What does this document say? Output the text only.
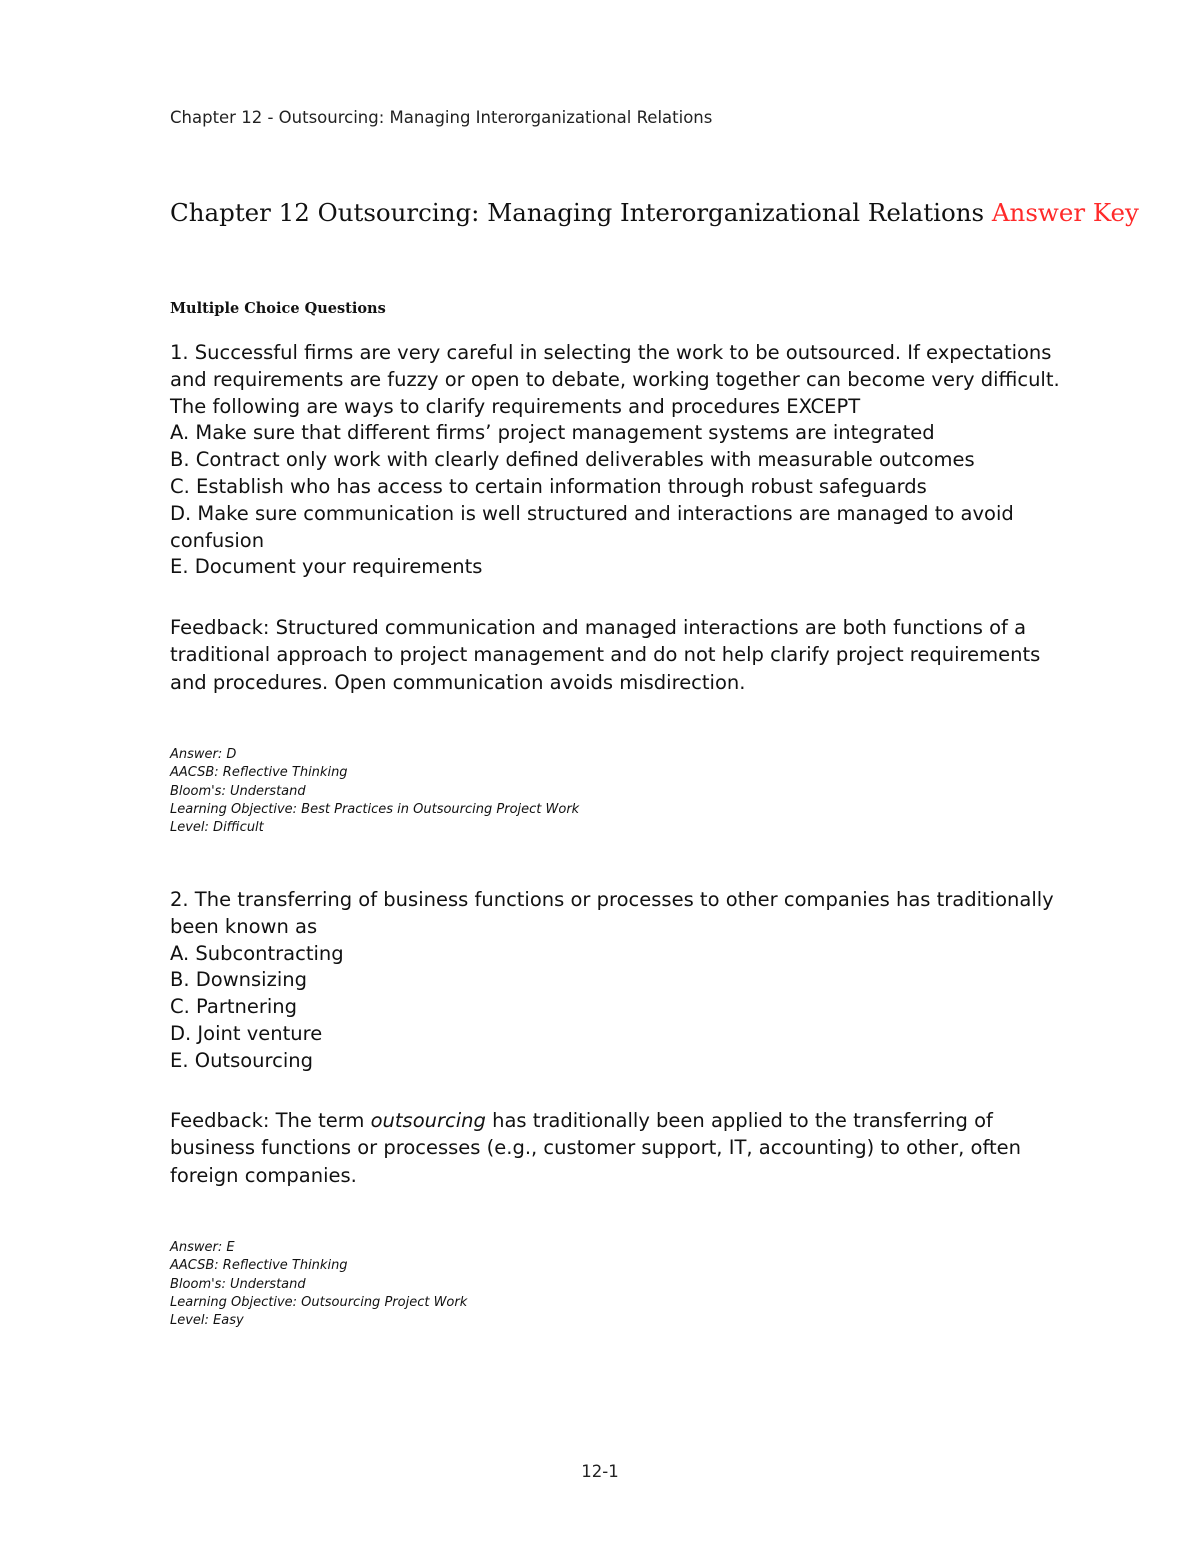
Chapter 12 - Outsourcing: Managing Interorganizational Relations
Chapter 12 Outsourcing: Managing Interorganizational Relations Answer Key
Multiple Choice Questions
1. Successful firms are very careful in selecting the work to be outsourced. If expectations
and requirements are fuzzy or open to debate, working together can become very difficult.
The following are ways to clarify requirements and procedures EXCEPT
A. Make sure that different firms’ project management systems are integrated
B. Contract only work with clearly defined deliverables with measurable outcomes
C. Establish who has access to certain information through robust safeguards
D. Make sure communication is well structured and interactions are managed to avoid
confusion
E. Document your requirements
Feedback: Structured communication and managed interactions are both functions of a traditional approach to project management and do not help clarify project requirements and procedures. Open communication avoids misdirection.
Answer: D
AACSB: Reflective Thinking
Bloom's: Understand
Learning Objective: Best Practices in Outsourcing Project Work
Level: Difficult
2. The transferring of business functions or processes to other companies has traditionally
been known as
A. Subcontracting
B. Downsizing
C. Partnering
D. Joint venture
E. Outsourcing
Feedback: The term outsourcing has traditionally been applied to the transferring of business functions or processes (e.g., customer support, IT, accounting) to other, often foreign companies.
Answer: E
AACSB: Reflective Thinking
Bloom's: Understand
Learning Objective: Outsourcing Project Work
Level: Easy
12-1
